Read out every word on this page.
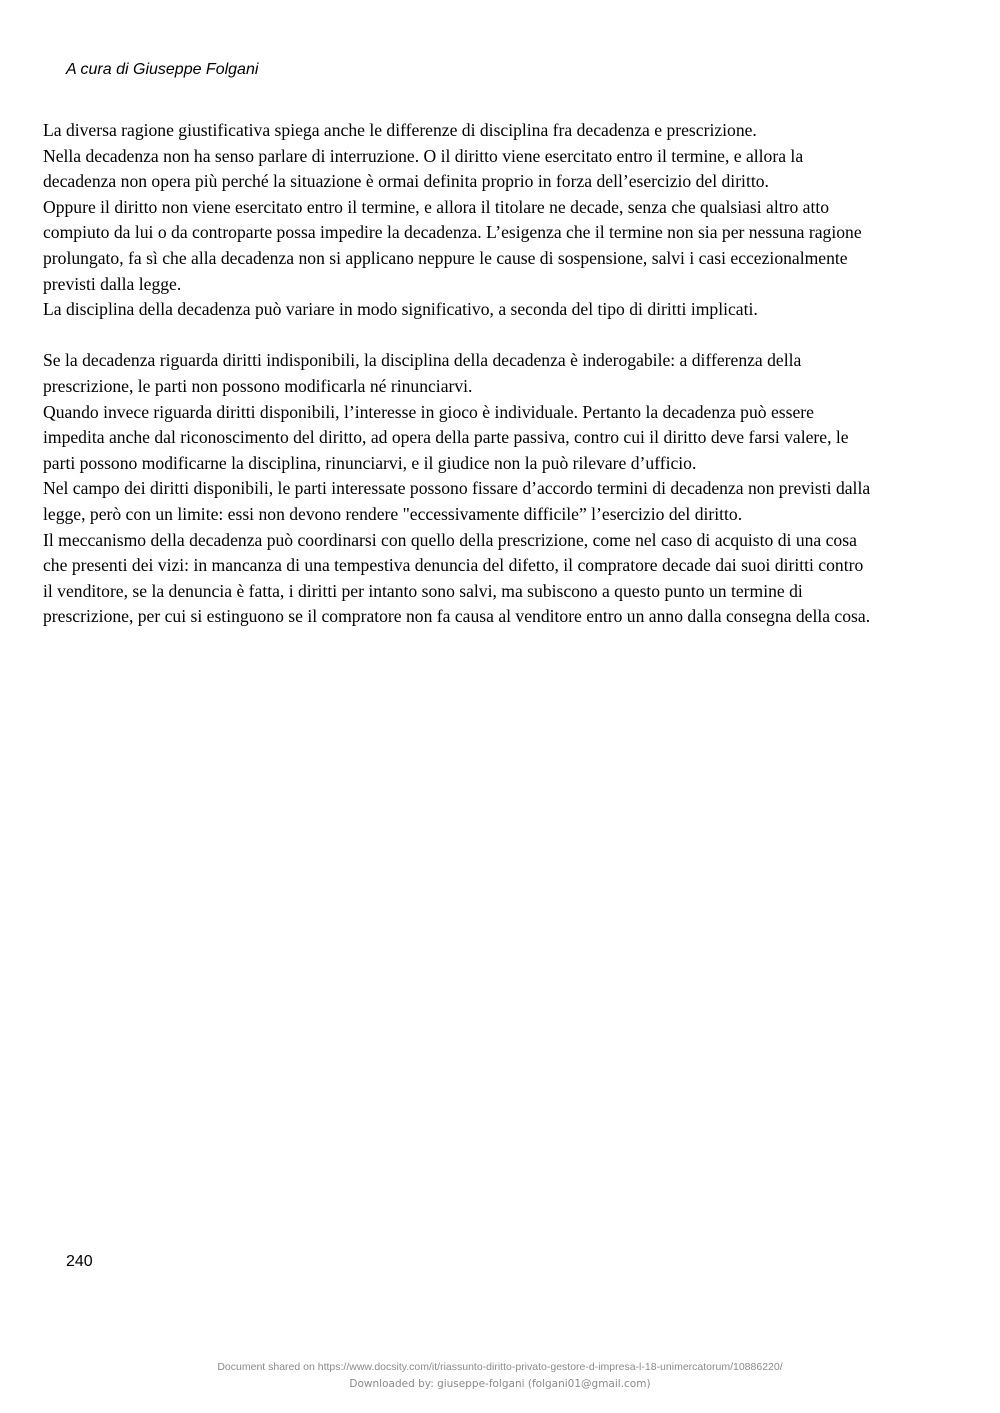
A cura di Giuseppe Folgani
La diversa ragione giustificativa spiega anche le differenze di disciplina fra decadenza e prescrizione.
Nella decadenza non ha senso parlare di interruzione. O il diritto viene esercitato entro il termine, e allora la
decadenza non opera più perché la situazione è ormai definita proprio in forza dell’esercizio del diritto.
Oppure il diritto non viene esercitato entro il termine, e allora il titolare ne decade, senza che qualsiasi altro atto
compiuto da lui o da controparte possa impedire la decadenza. L’esigenza che il termine non sia per nessuna ragione
prolungato, fa sì che alla decadenza non si applicano neppure le cause di sospensione, salvi i casi eccezionalmente
previsti dalla legge.
La disciplina della decadenza può variare in modo significativo, a seconda del tipo di diritti implicati.
Se la decadenza riguarda diritti indisponibili, la disciplina della decadenza è inderogabile: a differenza della
prescrizione, le parti non possono modificarla né rinunciarvi.
Quando invece riguarda diritti disponibili, l’interesse in gioco è individuale. Pertanto la decadenza può essere
impedita anche dal riconoscimento del diritto, ad opera della parte passiva, contro cui il diritto deve farsi valere, le
parti possono modificarne la disciplina, rinunciarvi, e il giudice non la può rilevare d’ufficio.
Nel campo dei diritti disponibili, le parti interessate possono fissare d’accordo termini di decadenza non previsti dalla
legge, però con un limite: essi non devono rendere "eccessivamente difficile” l’esercizio del diritto.
Il meccanismo della decadenza può coordinarsi con quello della prescrizione, come nel caso di acquisto di una cosa
che presenti dei vizi: in mancanza di una tempestiva denuncia del difetto, il compratore decade dai suoi diritti contro
il venditore, se la denuncia è fatta, i diritti per intanto sono salvi, ma subiscono a questo punto un termine di
prescrizione, per cui si estinguono se il compratore non fa causa al venditore entro un anno dalla consegna della cosa.
240
Document shared on https://www.docsity.com/it/riassunto-diritto-privato-gestore-d-impresa-l-18-unimercatorum/10886220/
Downloaded by: giuseppe-folgani (folgani01@gmail.com)
